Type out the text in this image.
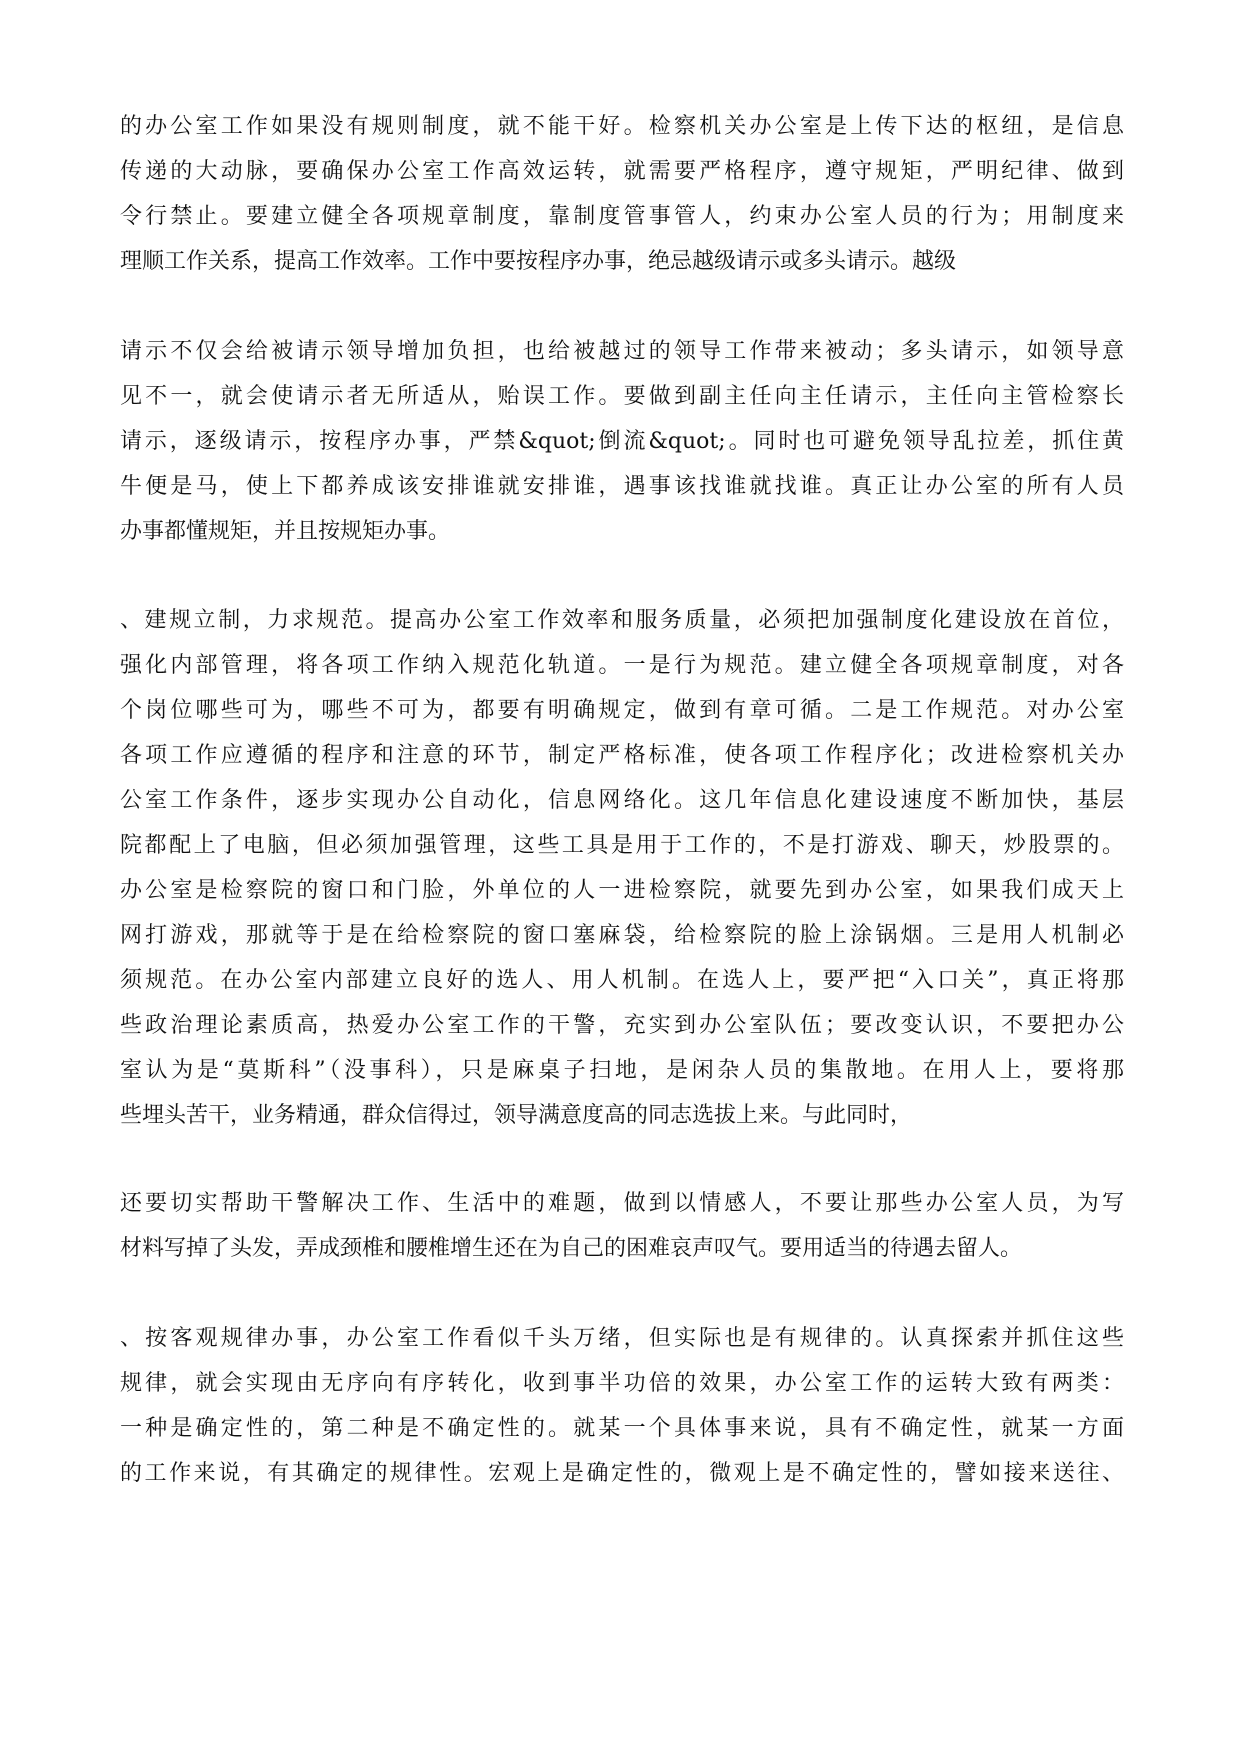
的办公室工作如果没有规则制度，就不能干好。检察机关办公室是上传下达的枢纽，是信息
传递的大动脉，要确保办公室工作高效运转，就需要严格程序，遵守规矩，严明纪律、做到
令行禁止。要建立健全各项规章制度，靠制度管事管人，约束办公室人员的行为；用制度来
理顺工作关系，提高工作效率。工作中要按程序办事，绝忌越级请示或多头请示。越级
请示不仅会给被请示领导增加负担，也给被越过的领导工作带来被动；多头请示，如领导意
见不一，就会使请示者无所适从，贻误工作。要做到副主任向主任请示，主任向主管检察长
请示，逐级请示，按程序办事，严禁&quot;倒流&quot;。同时也可避免领导乱拉差，抓住黄
牛便是马，使上下都养成该安排谁就安排谁，遇事该找谁就找谁。真正让办公室的所有人员
办事都懂规矩，并且按规矩办事。
、建规立制，力求规范。提高办公室工作效率和服务质量，必须把加强制度化建设放在首位，
强化内部管理，将各项工作纳入规范化轨道。一是行为规范。建立健全各项规章制度，对各
个岗位哪些可为，哪些不可为，都要有明确规定，做到有章可循。二是工作规范。对办公室
各项工作应遵循的程序和注意的环节，制定严格标准，使各项工作程序化；改进检察机关办
公室工作条件，逐步实现办公自动化，信息网络化。这几年信息化建设速度不断加快，基层
院都配上了电脑，但必须加强管理，这些工具是用于工作的，不是打游戏、聊天，炒股票的。
办公室是检察院的窗口和门脸，外单位的人一进检察院，就要先到办公室，如果我们成天上
网打游戏，那就等于是在给检察院的窗口塞麻袋，给检察院的脸上涂锅烟。三是用人机制必
须规范。在办公室内部建立良好的选人、用人机制。在选人上，要严把“入口关”，真正将那
些政治理论素质高，热爱办公室工作的干警，充实到办公室队伍；要改变认识，不要把办公
室认为是“莫斯科”（没事科），只是麻桌子扫地，是闲杂人员的集散地。在用人上，要将那
些埋头苦干，业务精通，群众信得过，领导满意度高的同志选拔上来。与此同时，
还要切实帮助干警解决工作、生活中的难题，做到以情感人，不要让那些办公室人员，为写
材料写掉了头发，弄成颈椎和腰椎增生还在为自己的困难哀声叹气。要用适当的待遇去留人。
、按客观规律办事，办公室工作看似千头万绪，但实际也是有规律的。认真探索并抓住这些
规律，就会实现由无序向有序转化，收到事半功倍的效果，办公室工作的运转大致有两类：
一种是确定性的，第二种是不确定性的。就某一个具体事来说，具有不确定性，就某一方面
的工作来说，有其确定的规律性。宏观上是确定性的，微观上是不确定性的，譬如接来送往、
